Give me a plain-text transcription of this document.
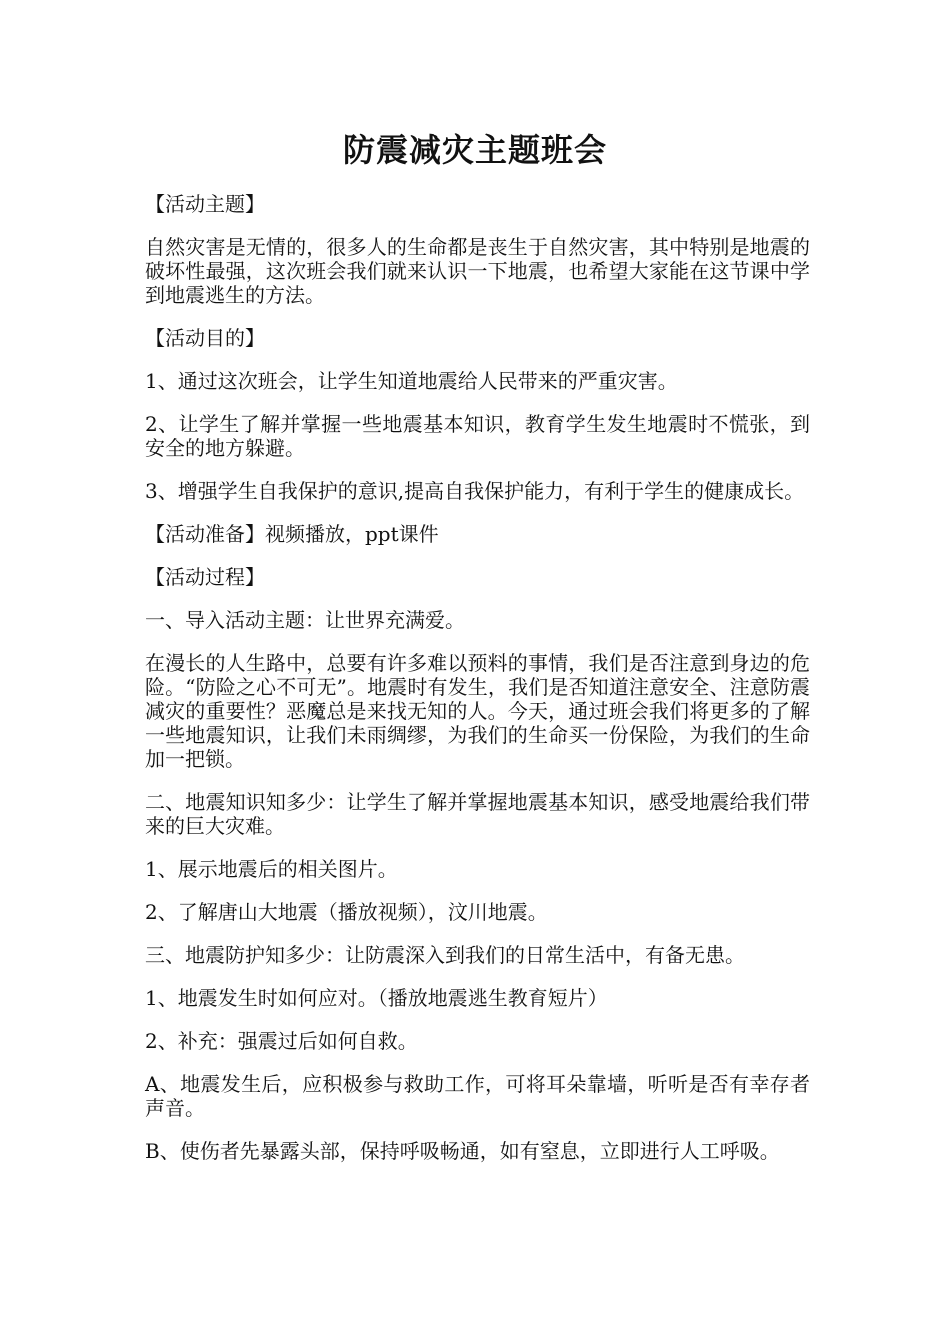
防震减灾主题班会

【活动主题】

自然灾害是无情的，很多人的生命都是丧生于自然灾害，其中特别是地震的破坏性最强，这次班会我们就来认识一下地震，也希望大家能在这节课中学到地震逃生的方法。

【活动目的】

1、通过这次班会，让学生知道地震给人民带来的严重灾害。

2、让学生了解并掌握一些地震基本知识，教育学生发生地震时不慌张，到安全的地方躲避。

3、增强学生自我保护的意识,提高自我保护能力，有利于学生的健康成长。

【活动准备】视频播放，ppt课件

【活动过程】

一、导入活动主题：让世界充满爱。

在漫长的人生路中，总要有许多难以预料的事情，我们是否注意到身边的危险。“防险之心不可无”。地震时有发生，我们是否知道注意安全、注意防震减灾的重要性？恶魔总是来找无知的人。今天，通过班会我们将更多的了解一些地震知识，让我们未雨绸缪，为我们的生命买一份保险，为我们的生命加一把锁。

二、地震知识知多少：让学生了解并掌握地震基本知识，感受地震给我们带来的巨大灾难。

1、展示地震后的相关图片。

2、了解唐山大地震（播放视频），汶川地震。

三、地震防护知多少：让防震深入到我们的日常生活中，有备无患。

1、地震发生时如何应对。（播放地震逃生教育短片）

2、补充：强震过后如何自救。

A、地震发生后，应积极参与救助工作，可将耳朵靠墙，听听是否有幸存者声音。

B、使伤者先暴露头部，保持呼吸畅通，如有窒息，立即进行人工呼吸。
